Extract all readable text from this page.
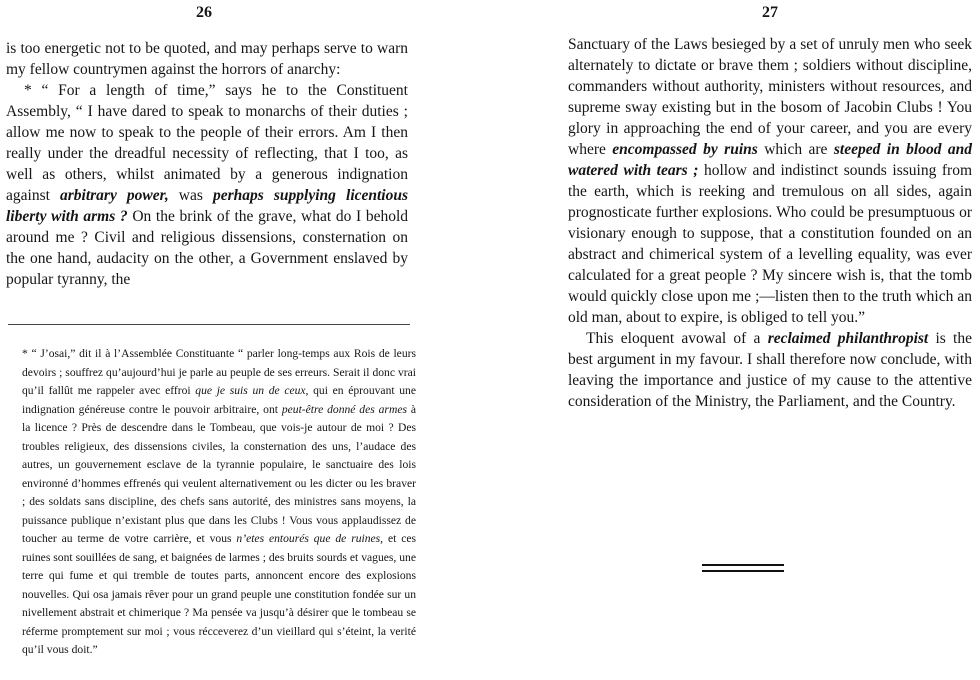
26

is too energetic not to be quoted, and may perhaps serve to warn my fellow countrymen against the horrors of anarchy:

* “ For a length of time,” says he to the Constituent Assembly, “ I have dared to speak to monarchs of their duties ; allow me now to speak to the people of their errors. Am I then really under the dreadful necessity of reflecting, that I too, as well as others, whilst animated by a generous indignation against arbitrary power, was perhaps supplying licentious liberty with arms ? On the brink of the grave, what do I behold around me ? Civil and religious dissensions, consternation on the one hand, audacity on the other, a Government enslaved by popular tyranny, the

* “ J’osai,” dit il à l’Assemblée Constituante “ parler long-temps aux Rois de leurs devoirs ; souffrez qu’aujourd’hui je parle au peuple de ses erreurs. Serait il donc vrai qu’il fallût me rappeler avec effroi que je suis un de ceux, qui en éprouvant une indignation généreuse contre le pouvoir arbitraire, ont peut-être donné des armes à la licence ? Près de descendre dans le Tombeau, que vois-je autour de moi ? Des troubles religieux, des dissensions civiles, la consternation des uns, l’audace des autres, un gouvernement esclave de la tyrannie populaire, le sanctuaire des lois environné d’hommes effrenés qui veulent alternativement ou les dicter ou les braver ; des soldats sans discipline, des chefs sans autorité, des ministres sans moyens, la puissance publique n’existant plus que dans les Clubs ! Vous vous applaudissez de toucher au terme de votre carrière, et vous n’etes entourés que de ruines, et ces ruines sont souillées de sang, et baignées de larmes ; des bruits sourds et vagues, une terre qui fume et qui tremble de toutes parts, annoncent encore des explosions nouvelles. Qui osa jamais rêver pour un grand peuple une constitution fondée sur un nivellement abstrait et chimerique ? Ma pensée va jusqu’à désirer que le tombeau se réferme promptement sur moi ; vous récceverez d’un vieillard qui s’éteint, la verité qu’il vous doit.”

27

Sanctuary of the Laws besieged by a set of unruly men who seek alternately to dictate or brave them ; soldiers without discipline, commanders without authority, ministers without resources, and supreme sway existing but in the bosom of Jacobin Clubs ! You glory in approaching the end of your career, and you are every where encompassed by ruins which are steeped in blood and watered with tears ; hollow and indistinct sounds issuing from the earth, which is reeking and tremulous on all sides, again prognosticate further explosions. Who could be presumptuous or visionary enough to suppose, that a constitution founded on an abstract and chimerical system of a levelling equality, was ever calculated for a great people ? My sincere wish is, that the tomb would quickly close upon me ;—listen then to the truth which an old man, about to expire, is obliged to tell you.”

This eloquent avowal of a reclaimed philanthropist is the best argument in my favour. I shall therefore now conclude, with leaving the importance and justice of my cause to the attentive consideration of the Ministry, the Parliament, and the Country.
